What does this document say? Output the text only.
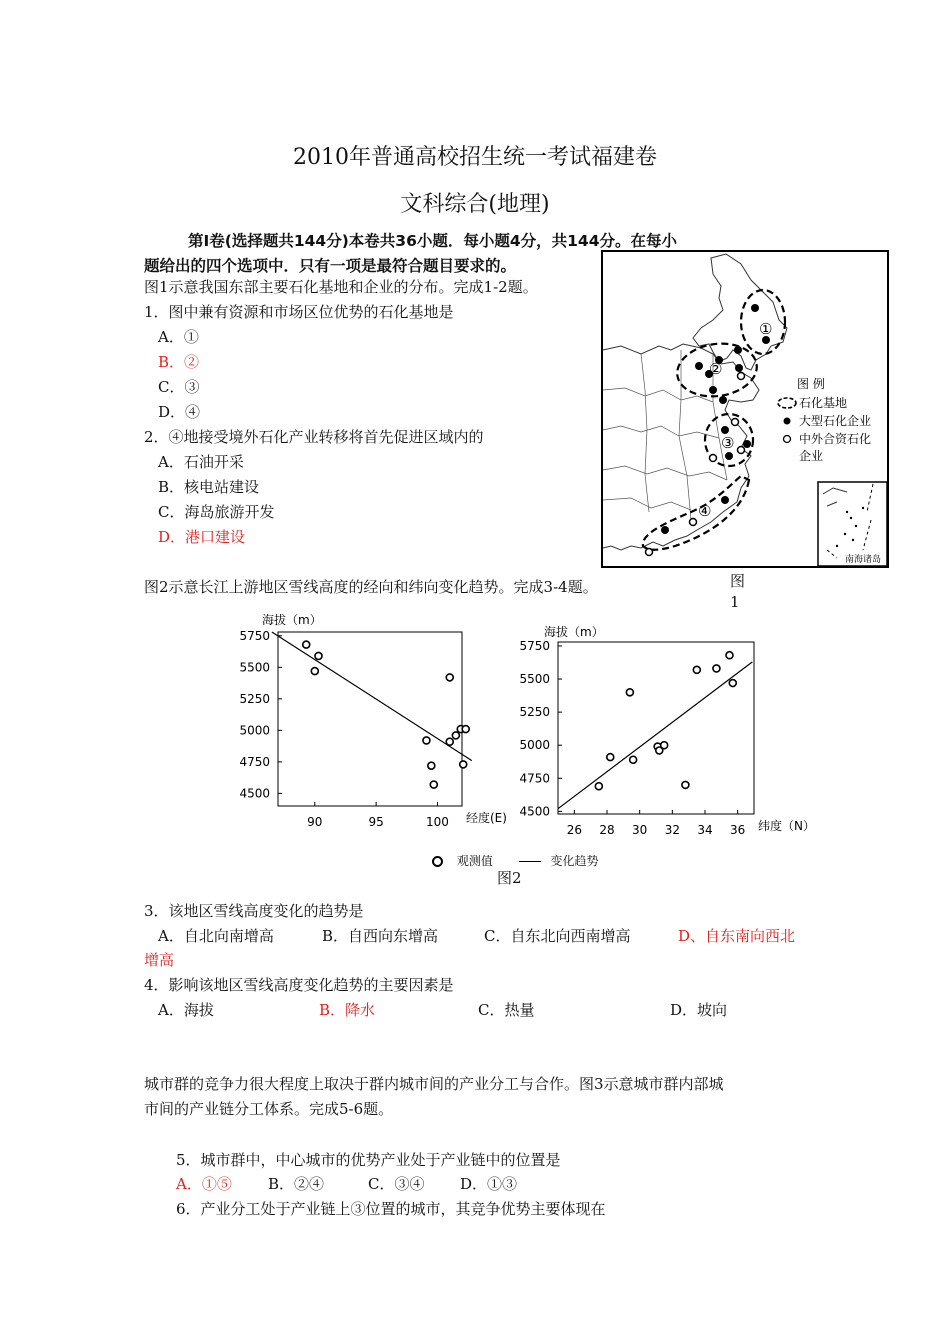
2010年普通高校招生统一考试福建卷
文科综合(地理)
第Ⅰ卷(选择题共144分)本卷共36小题．每小题4分，共144分。在每小
题给出的四个选项中．只有一项是最符合题目要求的。
图1示意我国东部主要石化基地和企业的分布。完成1-2题。
1．图中兼有资源和市场区位优势的石化基地是
A．①
B．②
C．③
D．④
2．④地接受境外石化产业转移将首先促进区域内的
A．石油开采
B．核电站建设
C．海岛旅游开发
D．港口建设
①
②
③
④
图 例
石化基地
大型石化企业
中外合资石化
企业
南海诸岛
图
1
图2示意长江上游地区雪线高度的经向和纬向变化趋势。完成3-4题。
5750
5500
5250
5000
4750
4500
90	95	100
海拔（m）
经度(E)
5750
5500
5250
5000
4750
4500
26 28 30 32 34 36
海拔（m）
纬度（N）
观测值	变化趋势
图2
3．该地区雪线高度变化的趋势是
A．自北向南增高	B．自西向东增高	C．自东北向西南增高	D、自东南向西北
增高
4．影响该地区雪线高度变化趋势的主要因素是
A．海拔	B．降水	C．热量	D．坡向
城市群的竞争力很大程度上取决于群内城市间的产业分工与合作。图3示意城市群内部城
市间的产业链分工体系。完成5-6题。
5．城市群中，中心城市的优势产业处于产业链中的位置是
A．①⑤ B．②④	C．③④ D．①③
6．产业分工处于产业链上③位置的城市，其竞争优势主要体现在
